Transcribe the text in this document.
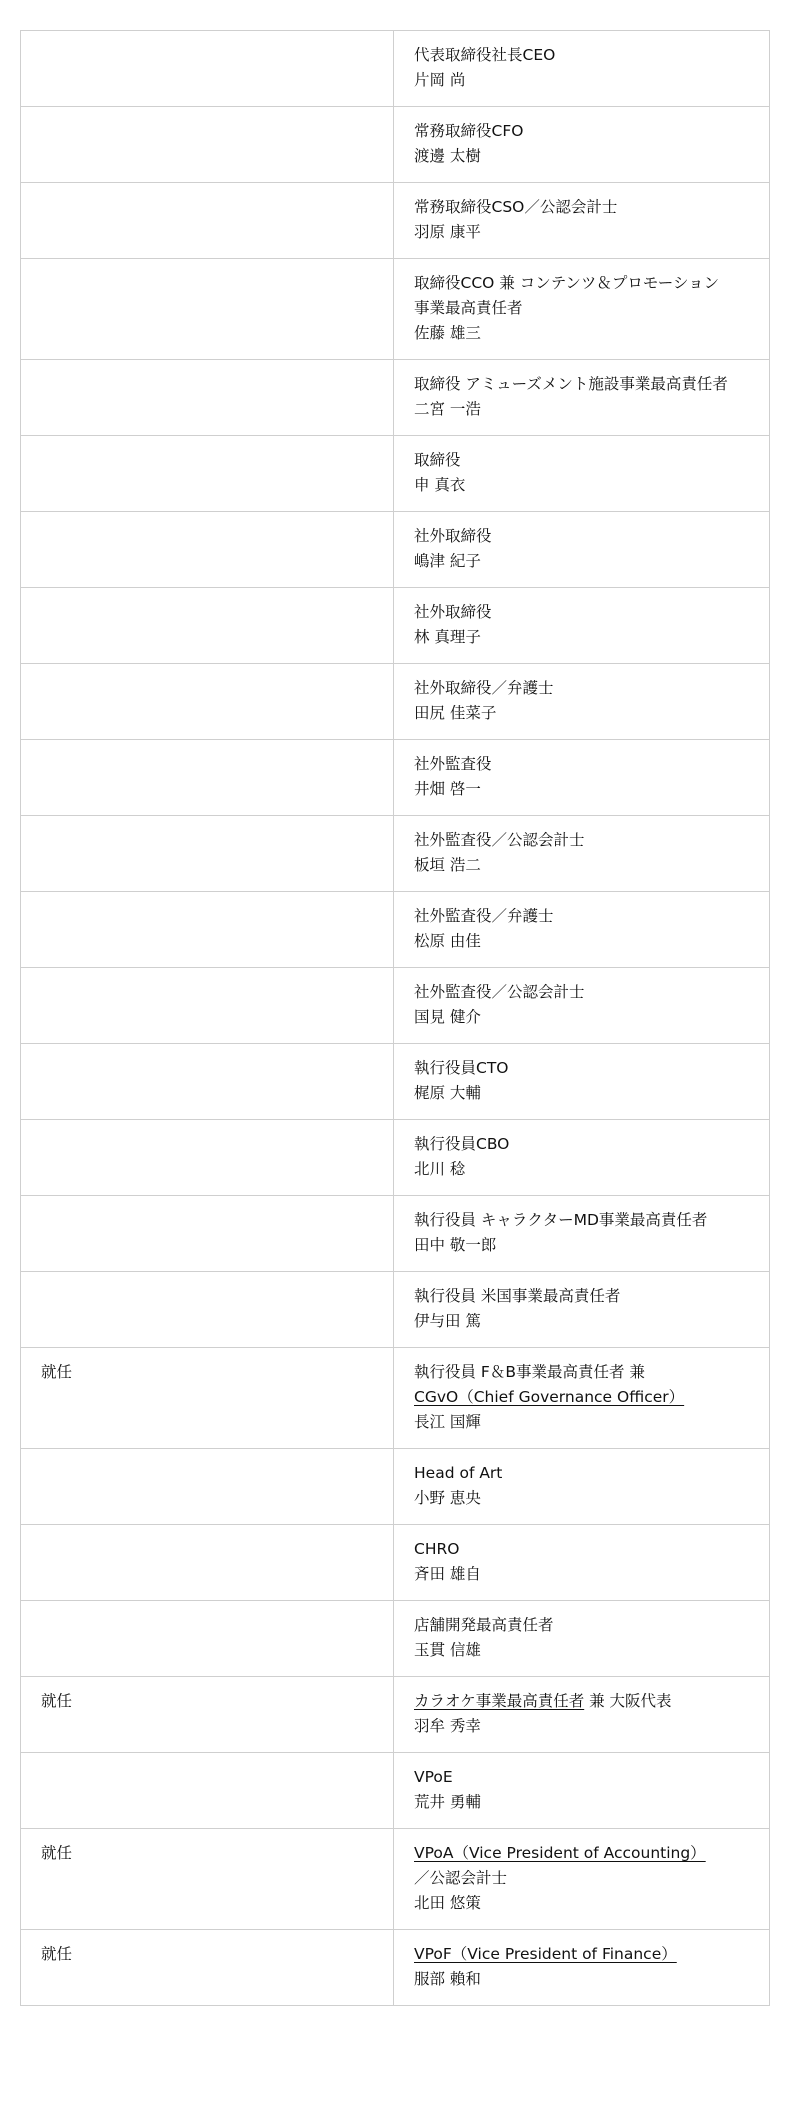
	代表取締役社長CEO
片岡 尚

	常務取締役CFO
渡邊 太樹

	常務取締役CSO／公認会計士
羽原 康平

	取締役CCO 兼 コンテンツ＆プロモーション
事業最高責任者
佐藤 雄三

	取締役 アミューズメント施設事業最高責任者
二宮 一浩

	取締役
申 真衣

	社外取締役
嶋津 紀子

	社外取締役
林 真理子

	社外取締役／弁護士
田尻 佳菜子

	社外監査役
井畑 啓一

	社外監査役／公認会計士
板垣 浩二

	社外監査役／弁護士
松原 由佳

	社外監査役／公認会計士
国見 健介

	執行役員CTO
梶原 大輔

	執行役員CBO
北川 稔

	執行役員 キャラクターMD事業最高責任者
田中 敬一郎

	執行役員 米国事業最高責任者
伊与田 篤

就任	執行役員 F＆B事業最高責任者 兼
CGvO（Chief Governance Officer）
長江 国輝

	Head of Art
小野 恵央

	CHRO
斉田 雄自

	店舗開発最高責任者
玉貫 信雄

就任	カラオケ事業最高責任者 兼 大阪代表
羽牟 秀幸

	VPoE
荒井 勇輔

就任	VPoA（Vice President of Accounting）
／公認会計士
北田 悠策

就任	VPoF（Vice President of Finance）
服部 賴和
